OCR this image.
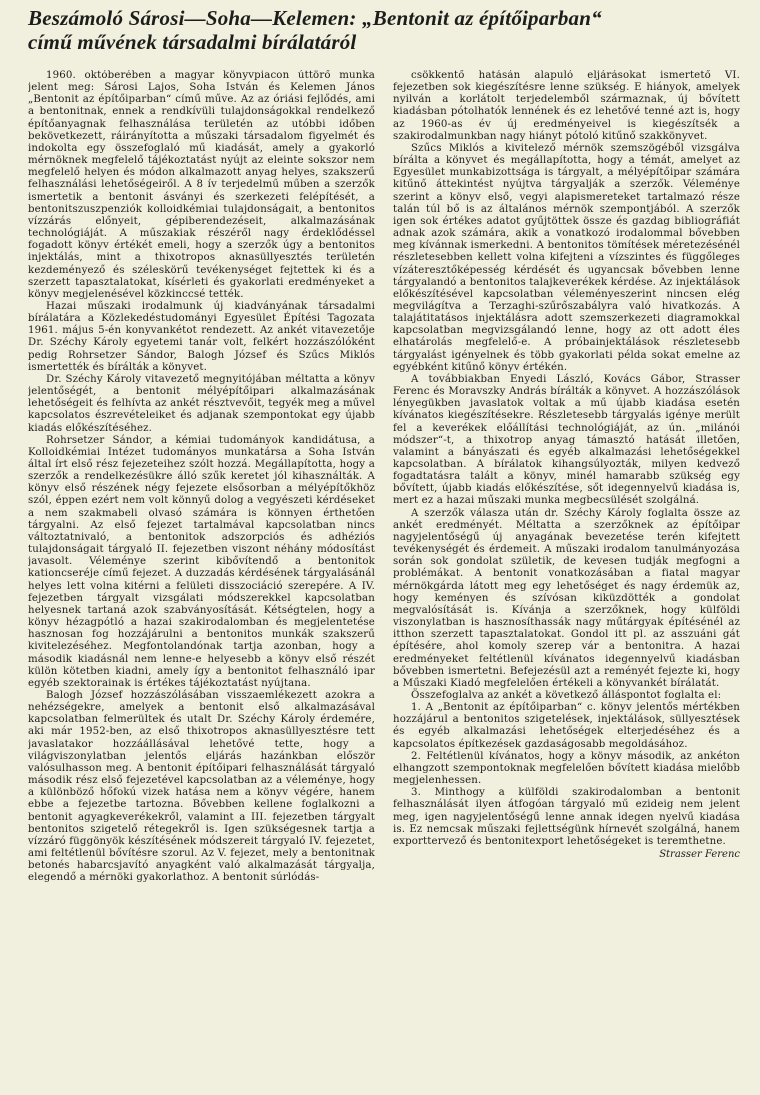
Beszámoló Sárosi—Soha—Kelemen: „Bentonit az építőiparban“
című művének társadalmi bírálatáról

1960. októberében a magyar könyvpiacon úttörő munka jelent meg: Sárosi Lajos, Soha István és Kelemen János „Bentonit az építőiparban“ című műve. Az az óriási fejlődés, ami a bentonitnak, ennek a rendkívüli tulajdonságokkal rendelkező építőanyagnak felhasználása területén az utóbbi időben bekövetkezett, ráirányította a műszaki társadalom figyelmét és indokolta egy összefoglaló mű kiadását, amely a gyakorló mérnöknek megfelelő tájékoztatást nyújt az eleinte sokszor nem megfelelő helyen és módon alkalmazott anyag helyes, szakszerű felhasználási lehetőségeiről. A 8 ív terjedelmű műben a szerzők ismertetik a bentonit ásványi és szerkezeti felépítését, a bentonitszuszpenziók kolloidkémiai tulajdonságait, a bentonitos vízzárás előnyeit, gépiberendezéseit, alkalmazásának technológiáját. A műszakiak részéről nagy érdeklődéssel fogadott könyv értékét emeli, hogy a szerzők úgy a bentonitos injektálás, mint a thixotropos aknasüllyesztés területén kezdeményező és széleskörű tevékenységet fejtettek ki és a szerzett tapasztalatokat, kísérleti és gyakorlati eredményeket a könyv megjelenésével közkinccsé tették.

Hazai műszaki irodalmunk új kiadványának társadalmi bírálatára a Közlekedéstudományi Egyesület Építési Tagozata 1961. május 5-én konyvankétot rendezett. Az ankét vitavezetője Dr. Széchy Károly egyetemi tanár volt, felkért hozzászólóként pedig Rohrsetzer Sándor, Balogh József és Szűcs Miklós ismertették és bírálták a könyvet.

Dr. Széchy Károly vitavezető megnyitójában méltatta a könyv jelentőségét, a bentonit mélyépítőipari alkalmazásának lehetőségeit és felhívta az ankét résztvevőit, tegyék meg a művel kapcsolatos észrevételeiket és adjanak szempontokat egy újabb kiadás előkészítéséhez.

Rohrsetzer Sándor, a kémiai tudományok kandidátusa, a Kolloidkémiai Intézet tudományos munkatársa a Soha István által írt első rész fejezeteihez szólt hozzá. Megállapította, hogy a szerzők a rendelkezésükre álló szűk keretet jól kihasználták. A könyv első részének négy fejezete elsősorban a mélyépítőkhöz szól, éppen ezért nem volt könnyű dolog a vegyészeti kérdéseket a nem szakmabeli olvasó számára is könnyen érthetően tárgyalni. Az első fejezet tartalmával kapcsolatban nincs változtatnivaló, a bentonitok adszorpciós és adhéziós tulajdonságait tárgyaló II. fejezetben viszont néhány módosítást javasolt. Véleménye szerint kibővítendő a bentonitok kationcseréje című fejezet. A duzzadás kérdésének tárgyalásánál helyes lett volna kitérni a felületi disszociáció szerepére. A IV. fejezetben tárgyalt vizsgálati módszerekkel kapcsolatban helyesnek tartaná azok szabványosítását. Kétségtelen, hogy a könyv hézagpótló a hazai szakirodalomban és megjelentetése hasznosan fog hozzájárulni a bentonitos munkák szakszerű kivitelezéséhez. Megfontolandónak tartja azonban, hogy a második kiadásnál nem lenne-e helyesebb a könyv első részét külön kötetben kiadni, amely így a bentonitot felhasználó ipar egyéb szektorainak is értékes tájékoztatást nyújtana.

Balogh József hozzászólásában visszaemlékezett azokra a nehézségekre, amelyek a bentonit első alkalmazásával kapcsolatban felmerültek és utalt Dr. Széchy Károly érdemére, aki már 1952-ben, az első thixotropos aknasüllyesztésre tett javaslatakor hozzáállásával lehetővé tette, hogy a világviszonylatban jelentős eljárás hazánkban először valósulhasson meg. A bentonit építőipari felhasználását tárgyaló második rész első fejezetével kapcsolatban az a véleménye, hogy a különböző hőfokú vizek hatása nem a könyv végére, hanem ebbe a fejezetbe tartozna. Bővebben kellene foglalkozni a bentonit agyagkeverékekről, valamint a III. fejezetben tárgyalt bentonitos szigetelő rétegekről is. Igen szükségesnek tartja a vízzáró függönyök készítésének módszereit tárgyaló IV. fejezetet, ami feltétlenül bővítésre szorul. Az V. fejezet, mely a bentonitnak betonés habarcsjavító anyagként való alkalmazását tárgyalja, elegendő a mérnöki gyakorlathoz. A bentonit súrlódás-

csökkentő hatásán alapuló eljárásokat ismertető VI. fejezetben sok kiegészítésre lenne szükség. E hiányok, amelyek nyilván a korlátolt terjedelemből származnak, új bővített kiadásban pótolhatók lennének és ez lehetővé tenné azt is, hogy az 1960-as év új eredményeivel is kiegészítsék a szakirodalmunkban nagy hiányt pótoló kitűnő szakkönyvet.

Szűcs Miklós a kivitelező mérnök szemszögéből vizsgálva bírálta a könyvet és megállapította, hogy a témát, amelyet az Egyesület munkabizottsága is tárgyalt, a mélyépítőipar számára kitűnő áttekintést nyújtva tárgyalják a szerzők. Véleménye szerint a könyv első, vegyi alapismereteket tartalmazó része talán túl bő is az általános mérnök szempontjából. A szerzők igen sok értékes adatot gyűjtöttek össze és gazdag bibliográfiát adnak azok számára, akik a vonatkozó irodalommal bővebben meg kívánnak ismerkedni. A bentonitos tömítések méretezésénél részletesebben kellett volna kifejteni a vízszintes és függőleges vízáteresztőképesség kérdését és ugyancsak bővebben lenne tárgyalandó a bentonitos talajkeverékek kérdése. Az injektálások előkészítésével kapcsolatban véleményeszerint nincsen elég megvilágítva a Terzaghi-szűrőszabályra való hivatkozás. A talajátitatásos injektálásra adott szemszerkezeti diagramokkal kapcsolatban megvizsgálandó lenne, hogy az ott adott éles elhatárolás megfelelő-e. A próbainjektálások részletesebb tárgyalást igényelnek és több gyakorlati példa sokat emelne az egyébként kitűnő könyv értékén.

A továbbiakban Enyedi László, Kovács Gábor, Strasser Ferenc és Moravszky András bírálták a könyvet. A hozzászólások lényegükben javaslatok voltak a mű újabb kiadása esetén kívánatos kiegészítésekre. Részletesebb tárgyalás igénye merült fel a keverékek előállítási technológiáját, az ún. „milánói módszer“-t, a thixotrop anyag támasztó hatását illetően, valamint a bányászati és egyéb alkalmazási lehetőségekkel kapcsolatban. A bírálatok kihangsúlyozták, milyen kedvező fogadtatásra talált a könyv, minél hamarabb szükség egy bővített, újabb kiadás előkészítése, sőt idegennyelvű kiadása is, mert ez a hazai műszaki munka megbecsülését szolgálná.

A szerzők válasza után dr. Széchy Károly foglalta össze az ankét eredményét. Méltatta a szerzőknek az építőipar nagyjelentőségű új anyagának bevezetése terén kifejtett tevékenységét és érdemeit. A műszaki irodalom tanulmányozása során sok gondolat születik, de kevesen tudják megfogni a problémákat. A bentonit vonatkozásában a fiatal magyar mérnökgárda látott meg egy lehetőséget és nagy érdemük az, hogy keményen és szívósan kiküzdötték a gondolat megvalósítását is. Kívánja a szerzőknek, hogy külföldi viszonylatban is hasznosíthassák nagy műtárgyak építésénél az itthon szerzett tapasztalatokat. Gondol itt pl. az asszuáni gát építésére, ahol komoly szerep vár a bentonitra. A hazai eredményeket feltétlenül kívánatos idegennyelvű kiadásban bővebben ismertetni. Befejezésül azt a reményét fejezte ki, hogy a Műszaki Kiadó megfelelően értékeli a könyvankét bírálatát.

Összefoglalva az ankét a következő álláspontot foglalta el:

1. A „Bentonit az építőiparban“ c. könyv jelentős mértékben hozzájárul a bentonitos szigetelések, injektálások, süllyesztések és egyéb alkalmazási lehetőségek elterjedéséhez és a kapcsolatos építkezések gazdaságosabb megoldásához.

2. Feltétlenül kívánatos, hogy a könyv második, az ankéton elhangzott szempontoknak megfelelően bővített kiadása mielőbb megjelenhessen.

3. Minthogy a külföldi szakirodalomban a bentonit felhasználását ilyen átfogóan tárgyaló mű ezideig nem jelent meg, igen nagyjelentőségű lenne annak idegen nyelvű kiadása is. Ez nemcsak műszaki fejlettségünk hírnevét szolgálná, hanem exporttervező és bentonitexport lehetőségeket is teremthetne.

Strasser Ferenc
